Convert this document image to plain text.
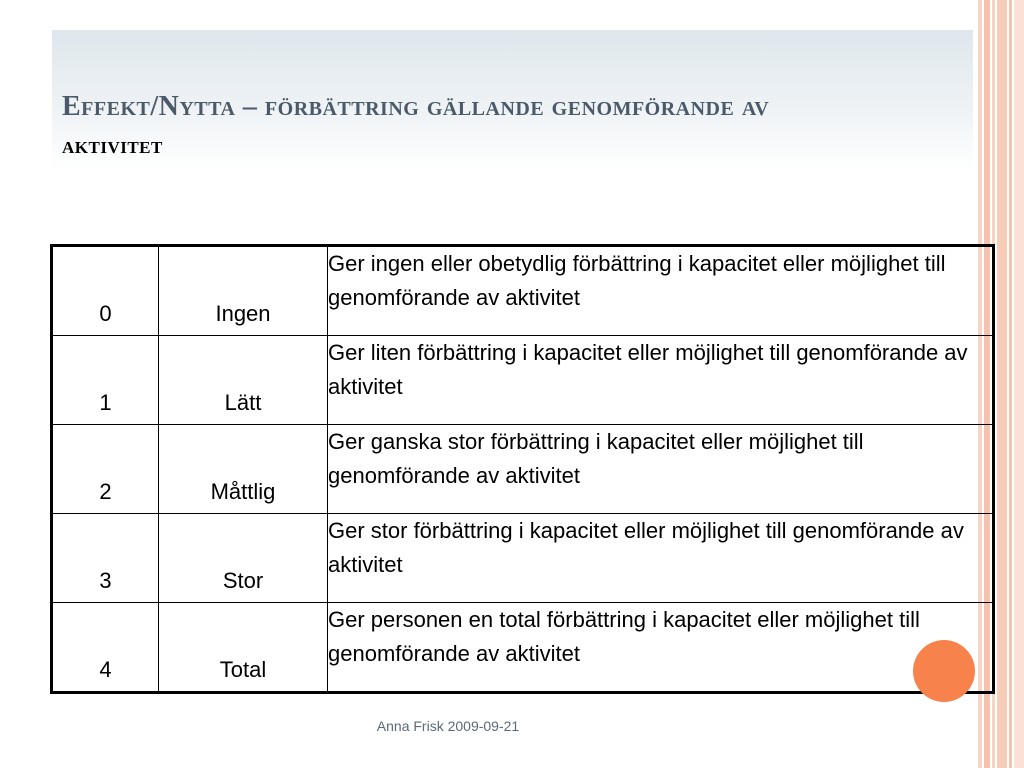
Effekt/Nytta – förbättring gällande genomförande av
aktivitet
0	Ingen	Ger ingen eller obetydlig förbättring i kapacitet eller möjlighet till genomförande av aktivitet
1	Lätt	Ger liten förbättring i kapacitet eller möjlighet till genomförande av aktivitet
2	Måttlig	Ger ganska stor förbättring i kapacitet eller möjlighet till genomförande av aktivitet
3	Stor	Ger stor förbättring i kapacitet eller möjlighet till genomförande av aktivitet
4	Total	Ger personen en total förbättring i kapacitet eller möjlighet till genomförande av aktivitet
Anna Frisk 2009-09-21
